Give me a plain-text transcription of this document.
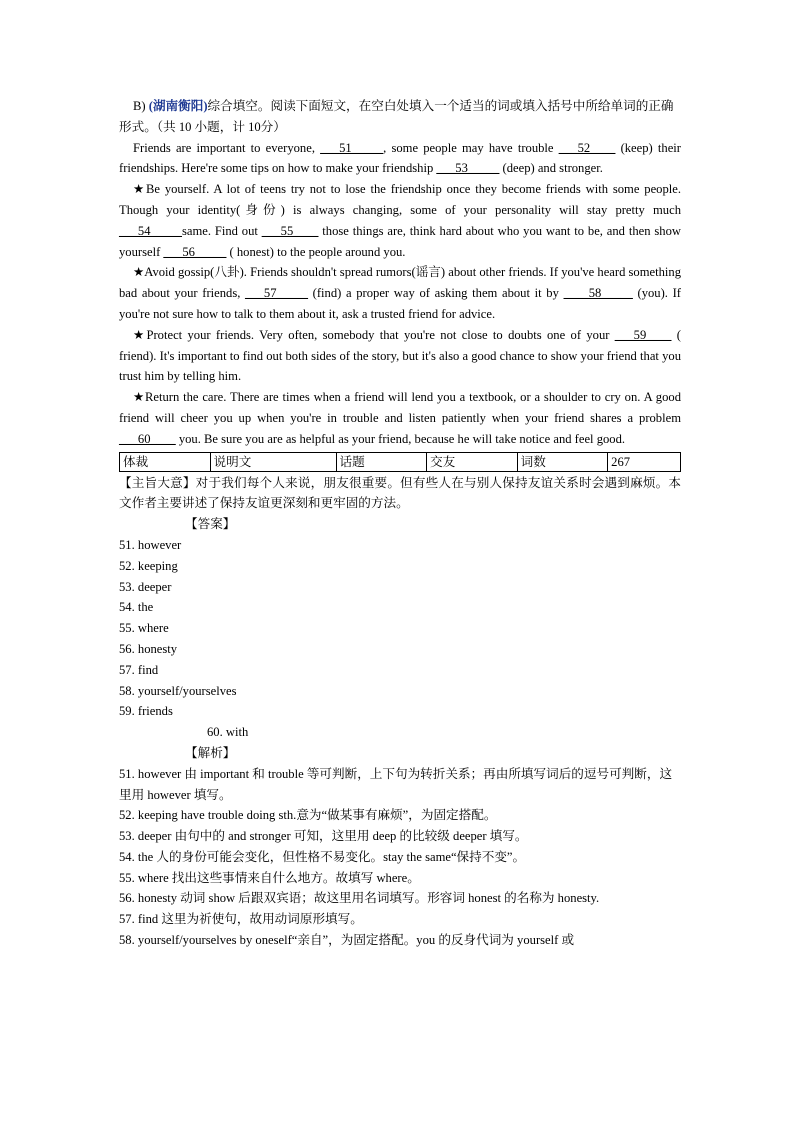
B) (湖南衡阳)综合填空。阅读下面短文，在空白处填入一个适当的词或填入括号中所给单词的正确形式。（共 10 小题，计 10分）

Friends are important to everyone, ___51_____, some people may have trouble ___52____ (keep) their friendships. Here're some tips on how to make your friendship ___53_____ (deep) and stronger.

★Be yourself. A lot of teens try not to lose the friendship once they become friends with some people. Though your identity(身份) is always changing, some of your personality will stay pretty much ___54_____same. Find out ___55____ those things are, think hard about who you want to be, and then show yourself ___56_____ ( honest) to the people around you.

★Avoid gossip(八卦). Friends shouldn't spread rumors(谣言) about other friends. If you've heard something bad about your friends, ___57_____ (find) a proper way of asking them about it by ____58_____ (you). If you're not sure how to talk to them about it, ask a trusted friend for advice.

★Protect your friends. Very often, somebody that you're not close to doubts one of your ___59____ ( friend). It's important to find out both sides of the story, but it's also a good chance to show your friend that you trust him by telling him.

★Return the care. There are times when a friend will lend you a textbook, or a shoulder to cry on. A good friend will cheer you up when you're in trouble and listen patiently when your friend shares a problem ___60____ you. Be sure you are as helpful as your friend, because he will take notice and feel good.

体裁	说明文	话题	交友	词数	267

【主旨大意】对于我们每个人来说，朋友很重要。但有些人在与别人保持友谊关系时会遇到麻烦。本文作者主要讲述了保持友谊更深刻和更牢固的方法。

【答案】

51. however

52. keeping

53. deeper

54. the

55. where

56. honesty

57. find

58. yourself/yourselves

59. friends

60. with

【解析】

51. however 由 important 和 trouble 等可判断，上下句为转折关系；再由所填写词后的逗号可判断，这里用 however 填写。

52. keeping have trouble doing sth.意为“做某事有麻烦”，为固定搭配。

53. deeper 由句中的 and stronger 可知，这里用 deep 的比较级 deeper 填写。

54. the 人的身份可能会变化，但性格不易变化。stay the same“保持不变”。

55. where 找出这些事情来自什么地方。故填写 where。

56. honesty 动词 show 后跟双宾语；故这里用名词填写。形容词 honest 的名称为 honesty.

57. find 这里为祈使句，故用动词原形填写。

58. yourself/yourselves by oneself“亲自”，为固定搭配。you 的反身代词为 yourself 或
